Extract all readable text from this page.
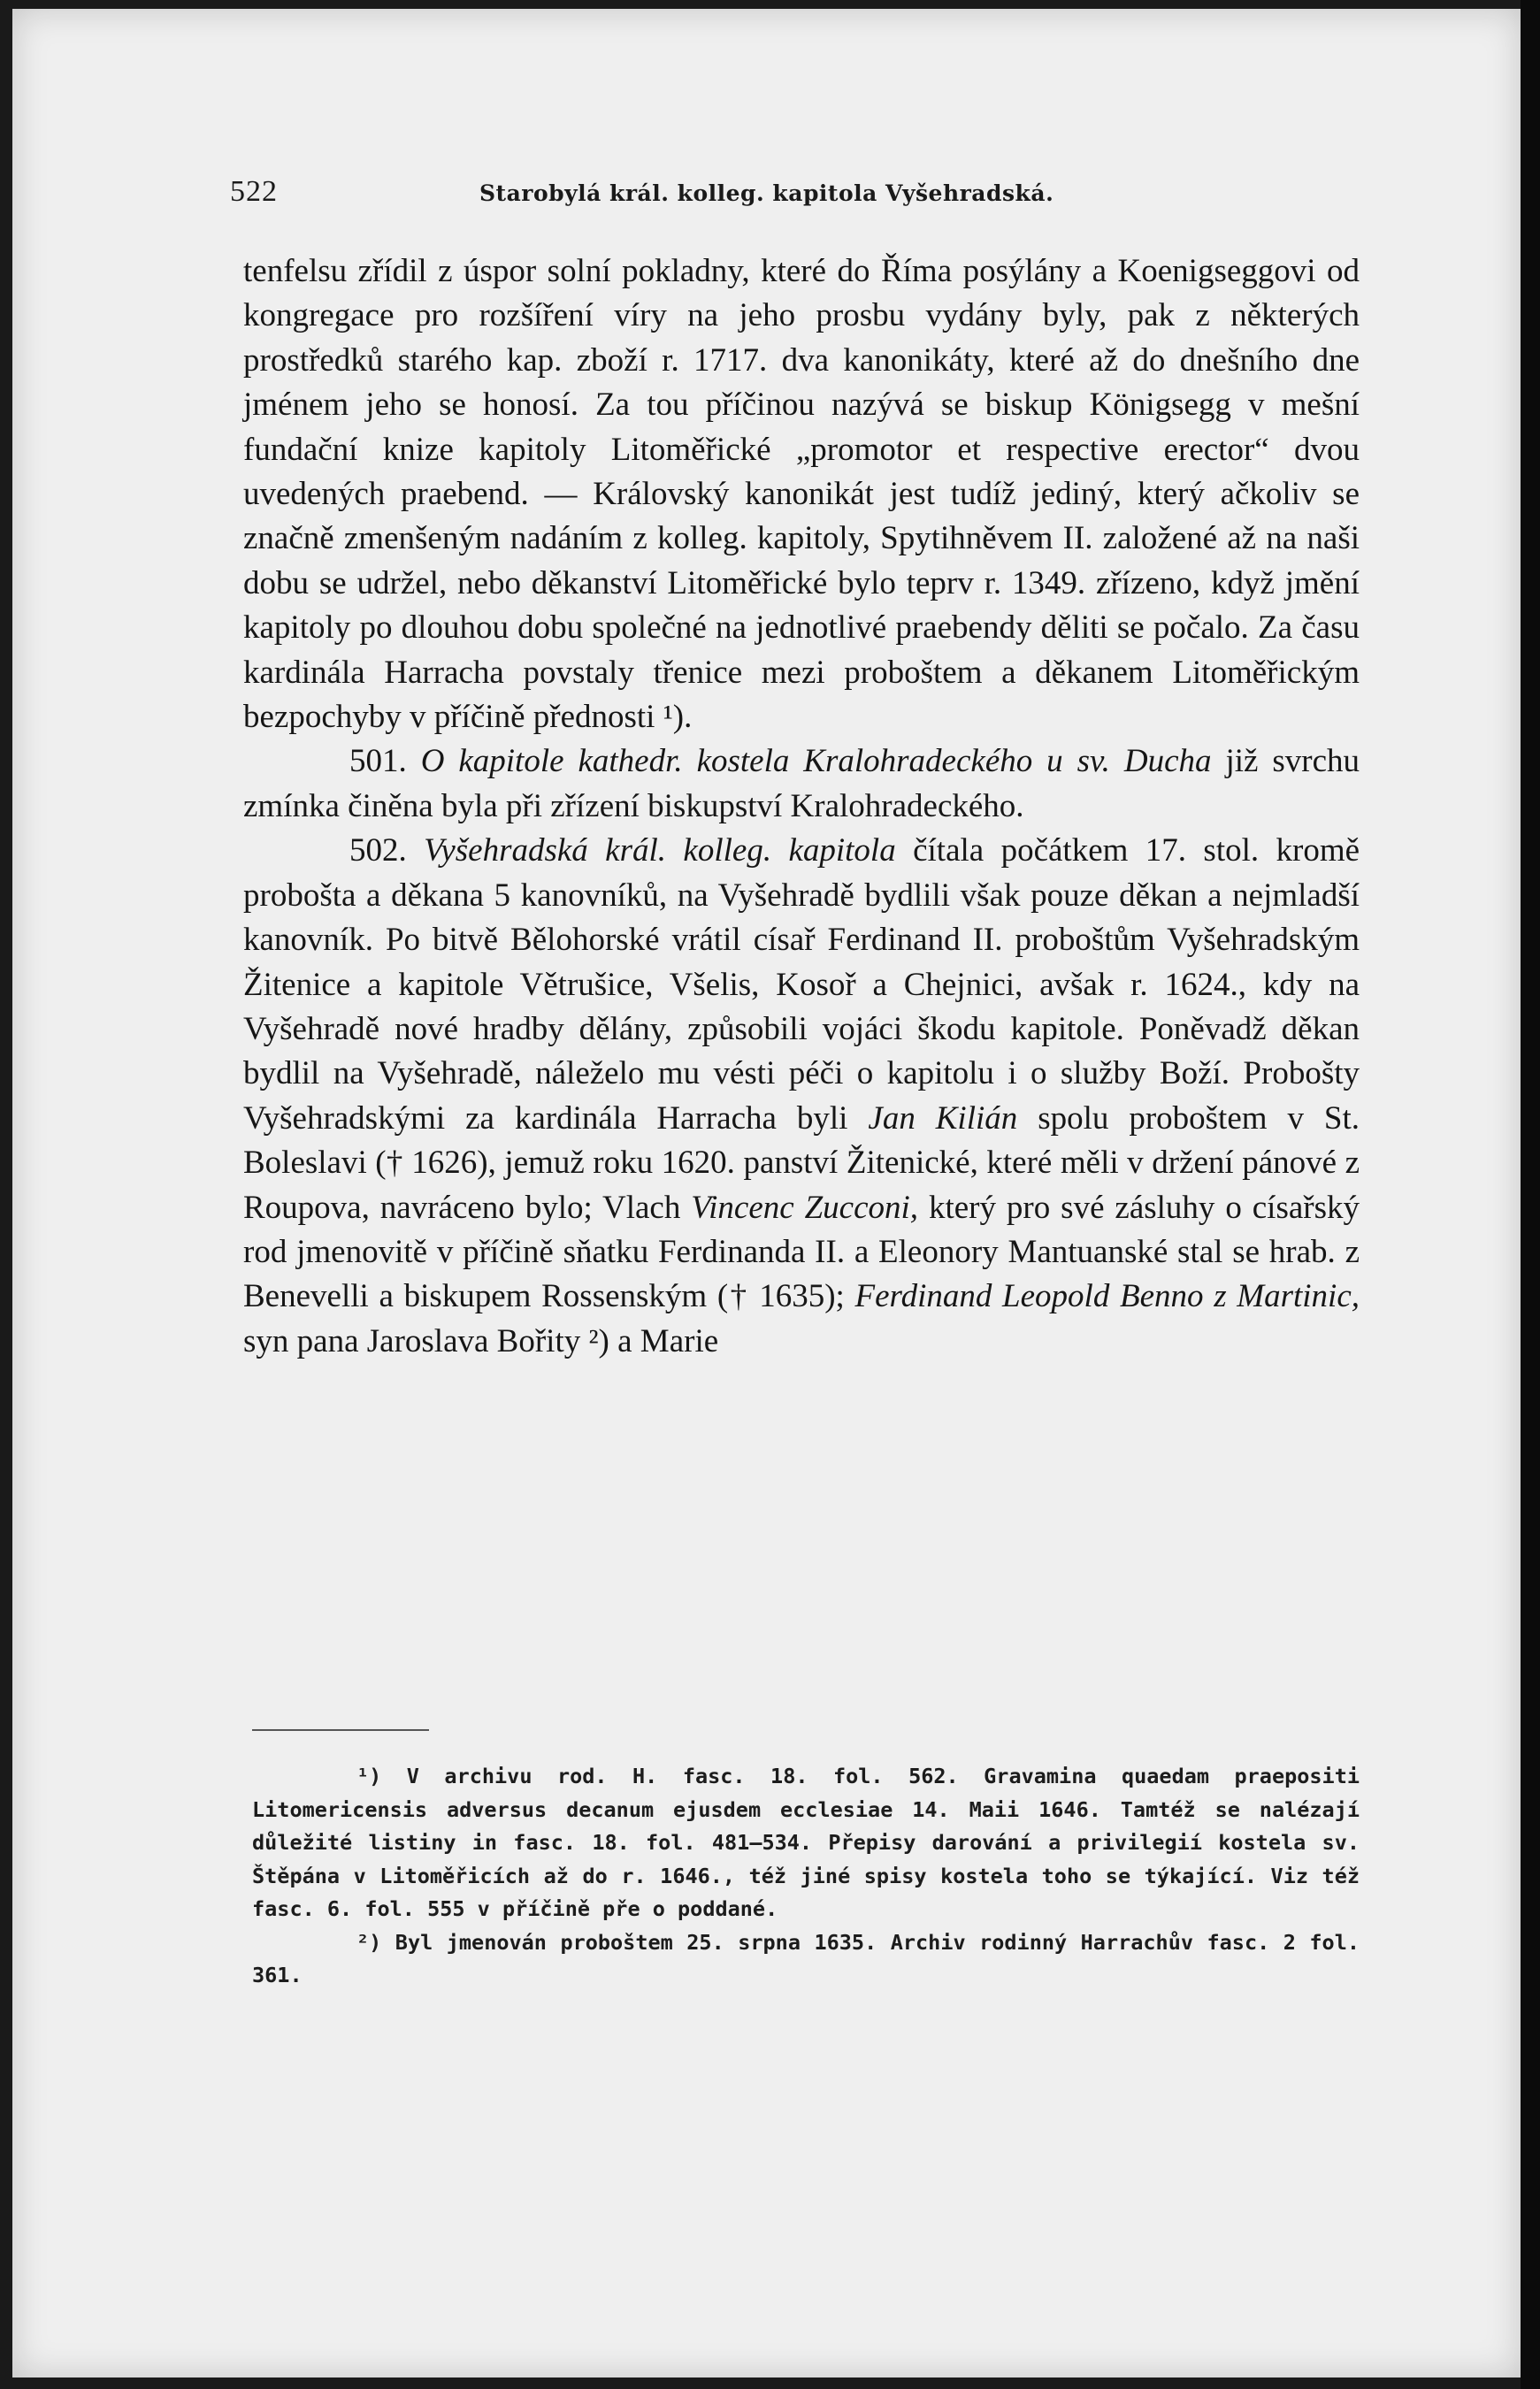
522	Starobylá král. kolleg. kapitola Vyšehradská.

tenfelsu zřídil z úspor solní pokladny, které do Říma posýlány a Koenigseggovi od kongregace pro rozšíření víry na jeho prosbu vydány byly, pak z některých prostředků starého kap. zboží r. 1717. dva kanonikáty, které až do dnešního dne jménem jeho se honosí. Za tou příčinou nazývá se biskup Königsegg v mešní fundační knize kapitoly Litoměřické „promotor et respective erector“ dvou uvedených praebend. — Královský kanonikát jest tudíž jediný, který ačkoliv se značně zmenšeným nadáním z kolleg. kapitoly, Spytihněvem II. založené až na naši dobu se udržel, nebo děkanství Litoměřické bylo teprv r. 1349. zřízeno, když jmění kapitoly po dlouhou dobu společné na jednotlivé praebendy děliti se počalo. Za času kardinála Harracha povstaly třenice mezi proboštem a děkanem Litoměřickým bezpochyby v příčině přednosti ¹).

501. O kapitole kathedr. kostela Kralohradeckého u sv. Ducha již svrchu zmínka činěna byla při zřízení biskupství Kralohradeckého.

502. Vyšehradská král. kolleg. kapitola čítala počátkem 17. stol. kromě probošta a děkana 5 kanovníků, na Vyšehradě bydlili však pouze děkan a nejmladší kanovník. Po bitvě Bělohorské vrátil císař Ferdinand II. proboštům Vyšehradským Žitenice a kapitole Větrušice, Všelis, Kosoř a Chejnici, avšak r. 1624., kdy na Vyšehradě nové hradby dělány, způsobili vojáci škodu kapitole. Poněvadž děkan bydlil na Vyšehradě, náleželo mu vésti péči o kapitolu i o služby Boží. Probošty Vyšehradskými za kardinála Harracha byli Jan Kilián spolu proboštem v St. Boleslavi († 1626), jemuž roku 1620. panství Žitenické, které měli v držení pánové z Roupova, navráceno bylo; Vlach Vincenc Zucconi, který pro své zásluhy o císařský rod jmenovitě v příčině sňatku Ferdinanda II. a Eleonory Mantuanské stal se hrab. z Benevelli a biskupem Rossenským († 1635); Ferdinand Leopold Benno z Martinic, syn pana Jaroslava Bořity ²) a Marie

¹) V archivu rod. H. fasc. 18. fol. 562. Gravamina quaedam praepositi Litomericensis adversus decanum ejusdem ecclesiae 14. Maii 1646. Tamtéž se nalézají důležité listiny in fasc. 18. fol. 481—534. Přepisy darování a privilegií kostela sv. Štěpána v Litoměřicích až do r. 1646., též jiné spisy kostela toho se týkající. Viz též fasc. 6. fol. 555 v příčině pře o poddané.

²) Byl jmenován proboštem 25. srpna 1635. Archiv rodinný Harrachův fasc. 2 fol. 361.
